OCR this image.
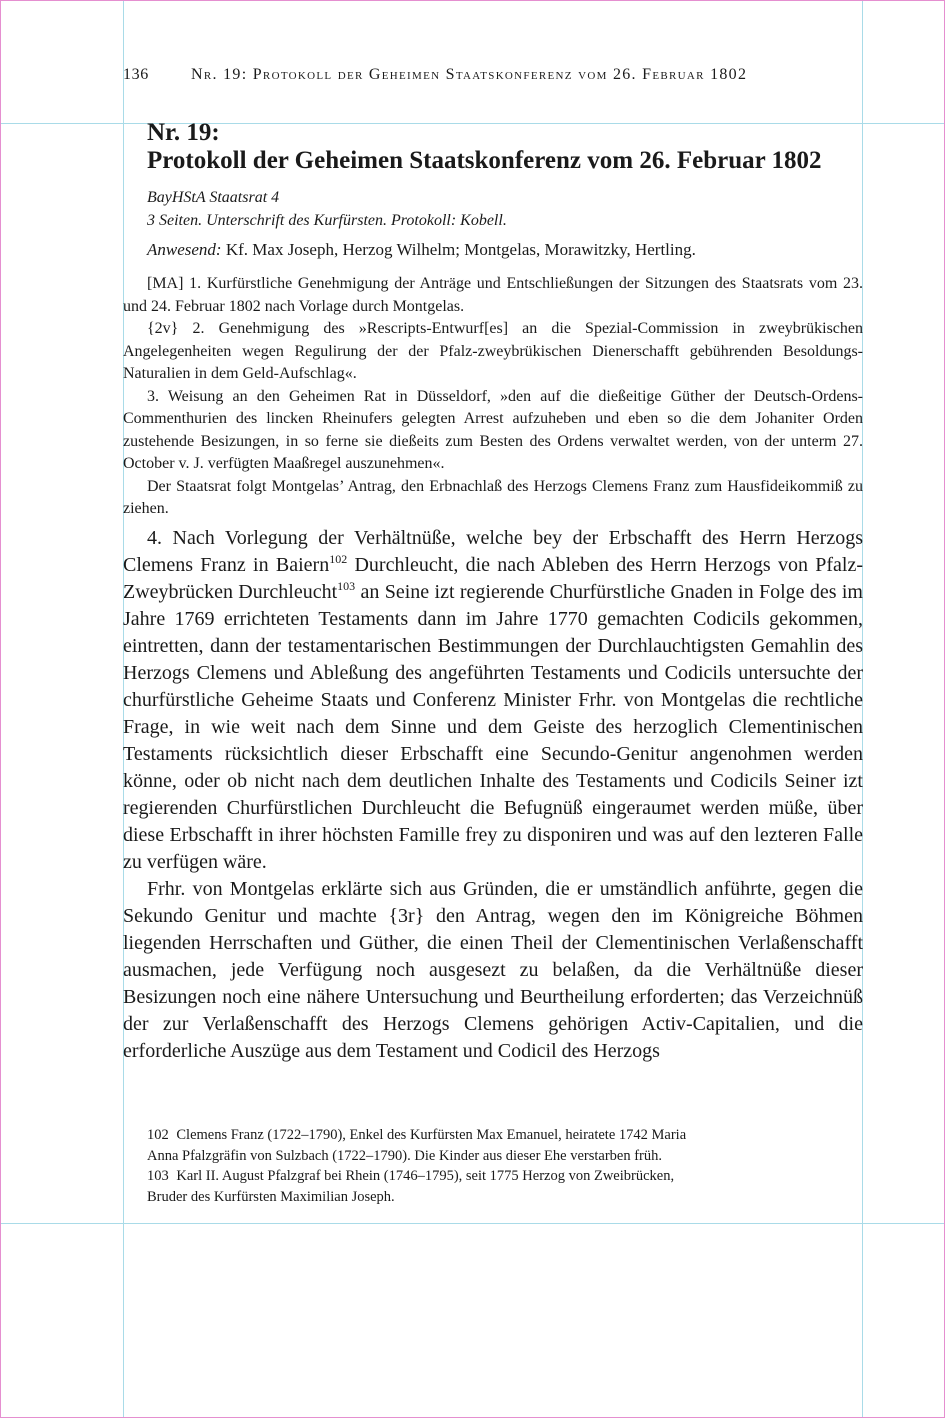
136	Nr. 19: Protokoll der Geheimen Staatskonferenz vom 26. Februar 1802
Nr. 19:
Protokoll der Geheimen Staatskonferenz vom 26. Februar 1802
BayHStA Staatsrat 4
3 Seiten. Unterschrift des Kurfürsten. Protokoll: Kobell.
Anwesend: Kf. Max Joseph, Herzog Wilhelm; Montgelas, Morawitzky, Hertling.

[MA] 1. Kurfürstliche Genehmigung der Anträge und Entschließungen der Sitzungen des Staatsrats vom 23. und 24. Februar 1802 nach Vorlage durch Montgelas.

{2v} 2. Genehmigung des »Rescripts-Entwurf[es] an die Spezial-Commission in zweybrükischen Angelegenheiten wegen Regulirung der der Pfalz-zweybrükischen Dienerschafft gebührenden Besoldungs-Naturalien in dem Geld-Aufschlag«.

3. Weisung an den Geheimen Rat in Düsseldorf, »den auf die dießeitige Güther der Deutsch-Ordens-Commenthurien des lincken Rheinufers gelegten Arrest aufzuheben und eben so die dem Johaniter Orden zustehende Besizungen, in so ferne sie dießeits zum Besten des Ordens verwaltet werden, von der unterm 27. October v. J. verfügten Maaßregel auszunehmen«.

Der Staatsrat folgt Montgelas’ Antrag, den Erbnachlaß des Herzogs Clemens Franz zum Hausfideikommiß zu ziehen.

4. Nach Vorlegung der Verhältnüße, welche bey der Erbschafft des Herrn Herzogs Clemens Franz in Baiern$^{102}$ Durchleucht, die nach Ableben des Herrn Herzogs von Pfalz-Zweybrücken Durchleucht$^{103}$ an Seine izt regierende Churfürstliche Gnaden in Folge des im Jahre 1769 errichteten Testaments dann im Jahre 1770 gemachten Codicils gekommen, eintretten, dann der testamentarischen Bestimmungen der Durchlauchtigsten Gemahlin des Herzogs Clemens und Ableßung des angeführten Testaments und Codicils untersuchte der churfürstliche Geheime Staats und Conferenz Minister Frhr. von Montgelas die rechtliche Frage, in wie weit nach dem Sinne und dem Geiste des herzoglich Clementinischen Testaments rücksichtlich dieser Erbschafft eine Secundo-Genitur angenohmen werden könne, oder ob nicht nach dem deutlichen Inhalte des Testaments und Codicils Seiner izt regierenden Churfürstlichen Durchleucht die Befugnüß eingeraumet werden müße, über diese Erbschafft in ihrer höchsten Famille frey zu disponiren und was auf den lezteren Falle zu verfügen wäre.

Frhr. von Montgelas erklärte sich aus Gründen, die er umständlich anführte, gegen die Sekundo Genitur und machte {3r} den Antrag, wegen den im Königreiche Böhmen liegenden Herrschaften und Güther, die einen Theil der Clementinischen Verlaßenschafft ausmachen, jede Verfügung noch ausgesezt zu belaßen, da die Verhältnüße dieser Besizungen noch eine nähere Untersuchung und Beurtheilung erforderten; das Verzeichnüß der zur Verlaßenschafft des Herzogs Clemens gehörigen Activ-Capitalien, und die erforderliche Auszüge aus dem Testament und Codicil des Herzogs

102 Clemens Franz (1722–1790), Enkel des Kurfürsten Max Emanuel, heiratete 1742 Maria Anna Pfalzgräfin von Sulzbach (1722–1790). Die Kinder aus dieser Ehe verstarben früh.

103 Karl II. August Pfalzgraf bei Rhein (1746–1795), seit 1775 Herzog von Zweibrücken, Bruder des Kurfürsten Maximilian Joseph.
